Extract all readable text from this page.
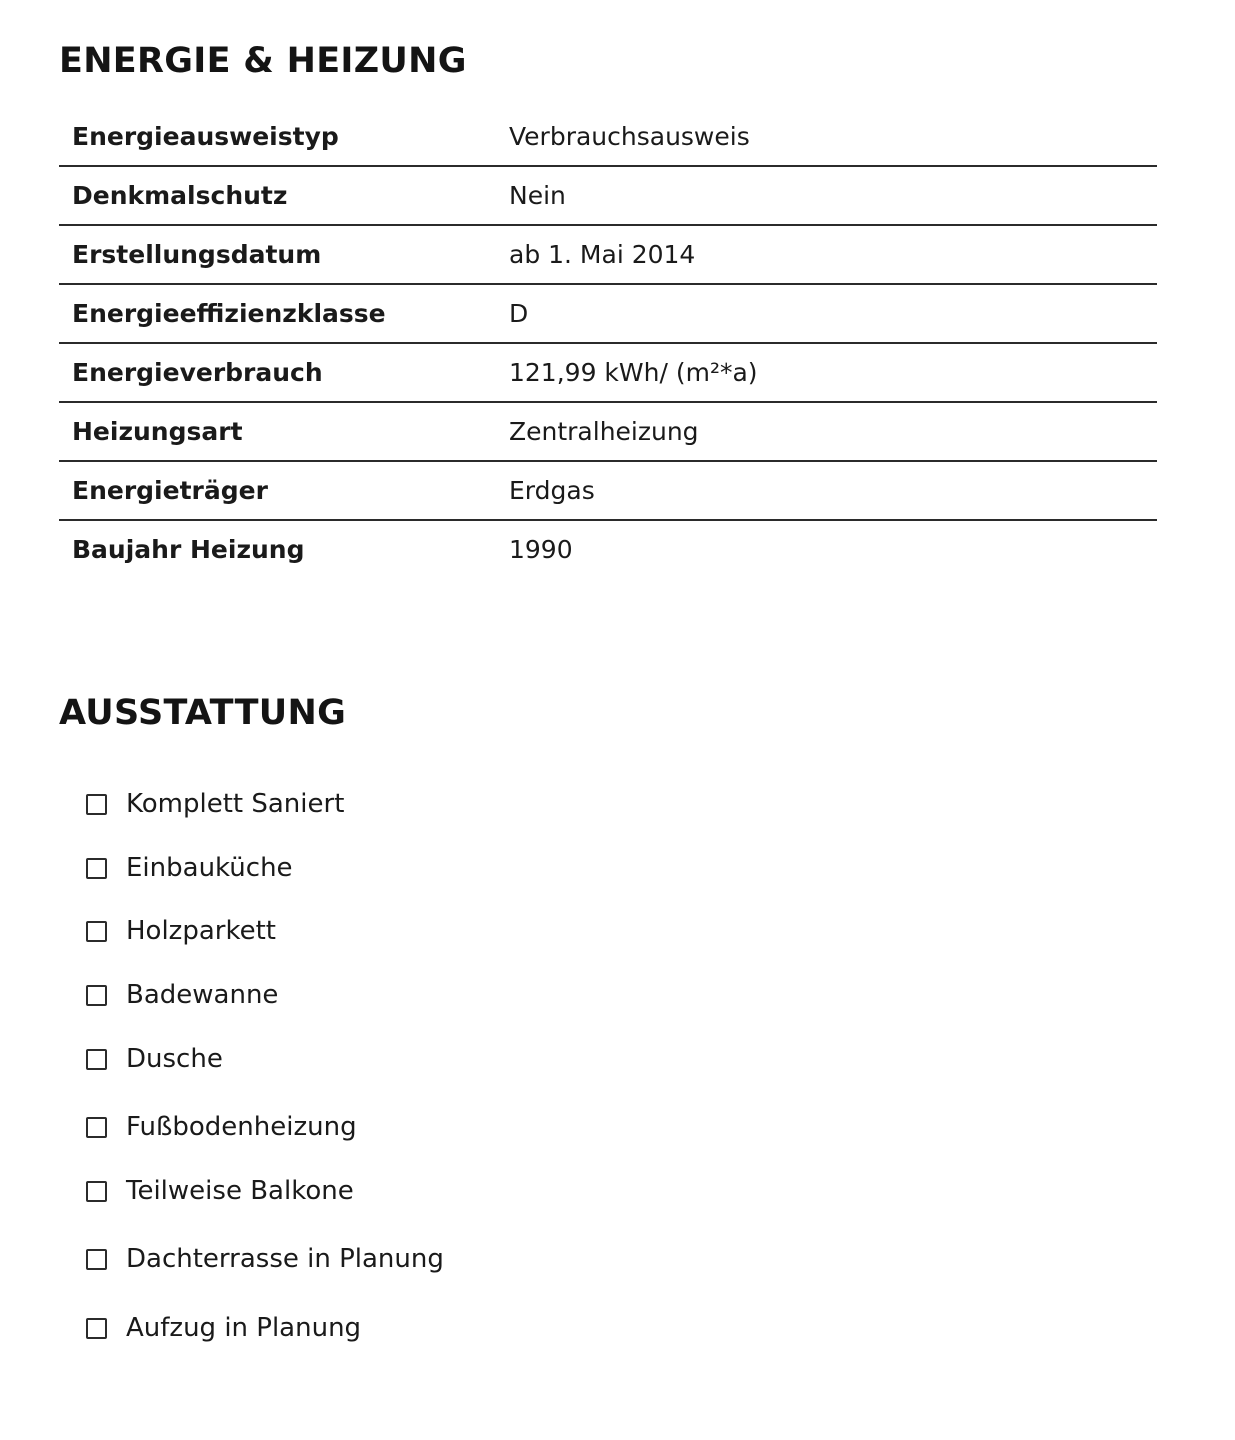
ENERGIE & HEIZUNG
Energieausweistyp	Verbrauchsausweis
Denkmalschutz	Nein
Erstellungsdatum	ab 1. Mai 2014
Energieeffizienzklasse	D
Energieverbrauch	121,99 kWh/ (m²*a)
Heizungsart	Zentralheizung
Energieträger	Erdgas
Baujahr Heizung	1990
AUSSTATTUNG
Komplett Saniert
Einbauküche
Holzparkett
Badewanne
Dusche
Fußbodenheizung
Teilweise Balkone
Dachterrasse in Planung
Aufzug in Planung
